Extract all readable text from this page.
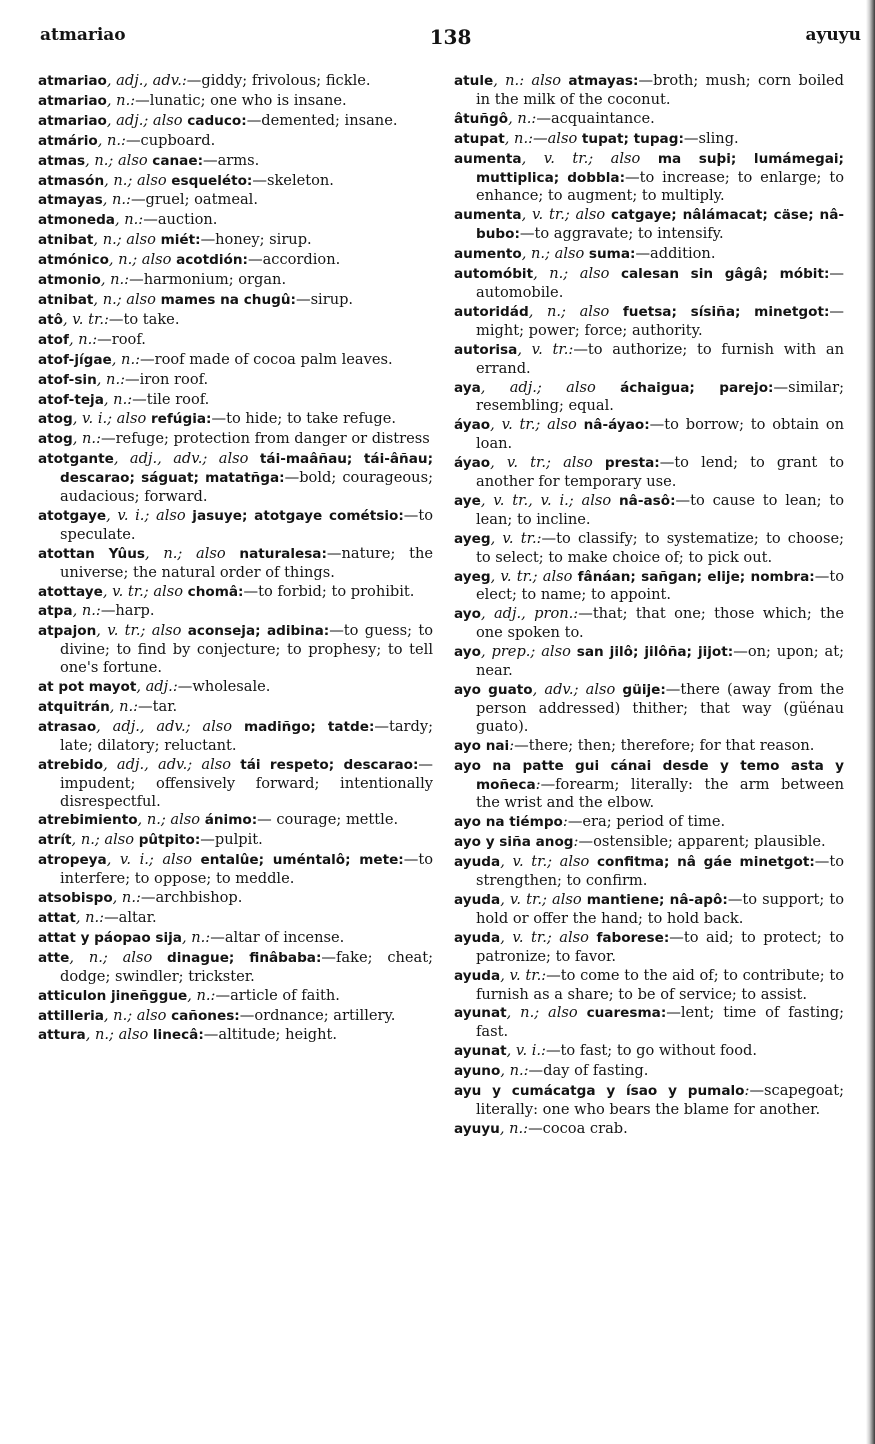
atmariao	138	ayuyu
atmariao, adj., adv.:—giddy; frivolous; fickle.
atmariao, n.:—lunatic; one who is insane.
atmariao, adj.; also caduco:—demented; insane.
atmário, n.:—cupboard.
atmas, n.; also canae:—arms.
atmasón, n.; also esqueléto:—skeleton.
atmayas, n.:—gruel; oatmeal.
atmoneda, n.:—auction.
atnibat, n.; also miét:—honey; sirup.
atmónico, n.; also acotdión:—accordion.
atmonio, n.:—harmonium; organ.
atnibat, n.; also mames na chugû:—sirup.
atô, v. tr.:—to take.
atof, n.:—roof.
atof-jígae, n.:—roof made of cocoa palm leaves.
atof-sin, n.:—iron roof.
atof-teja, n.:—tile roof.
atog, v. i.; also refúgia:—to hide; to take refuge.
atog, n.:—refuge; protection from danger or distress
atotgante, adj., adv.; also tái-maâñau; tái-âñau; descarao; ságuat; matatñga:—bold; courageous; audacious; forward.
atotgaye, v. i.; also jasuye; atotgaye cométsio:—to speculate.
atottan Yûus, n.; also naturalesa:—nature; the universe; the natural order of things.
atottaye, v. tr.; also chomâ:—to forbid; to prohibit.
atpa, n.:—harp.
atpajon, v. tr.; also aconseja; adibina:—to guess; to divine; to find by conjecture; to prophesy; to tell one's fortune.
at pot mayot, adj.:—wholesale.
atquitrán, n.:—tar.
atrasao, adj., adv.; also madiñgo; tatde:—tardy; late; dilatory; reluctant.
atrebido, adj., adv.; also tái respeto; descarao:—impudent; offensively forward; intentionally disrespectful.
atrebimiento, n.; also ánimo:— courage; mettle.
atrít, n.; also pûtpito:—pulpit.
atropeya, v. i.; also entalûe; uméntalô; mete:—to interfere; to oppose; to meddle.
atsobispo, n.:—archbishop.
attat, n.:—altar.
attat y páopao sija, n.:—altar of incense.
atte, n.; also dinague; finâbaba:—fake; cheat; dodge; swindler; trickster.
atticulon jineñggue, n.:—article of faith.
attilleria, n.; also cañones:—ordnance; artillery.
attura, n.; also linecâ:—altitude; height.
atule, n.: also atmayas:—broth; mush; corn boiled in the milk of the coconut.
âtuñgô, n.:—acquaintance.
atupat, n.:—also tupat; tupag:—sling.
aumenta, v. tr.; also ma suþi; lumámegai; muttiplica; dobbla:—to increase; to enlarge; to enhance; to augment; to multiply.
aumenta, v. tr.; also catgaye; nâlámacat; cäse; nâ-bubo:—to aggravate; to intensify.
aumento, n.; also suma:—addition.
automóbit, n.; also calesan sin gâgâ; móbit:—automobile.
autoridád, n.; also fuetsa; sísiña; minetgot:—might; power; force; authority.
autorisa, v. tr.:—to authorize; to furnish with an errand.
aya, adj.; also áchaigua; parejo:—similar; resembling; equal.
áyao, v. tr.; also nâ-áyao:—to borrow; to obtain on loan.
áyao, v. tr.; also presta:—to lend; to grant to another for temporary use.
aye, v. tr., v. i.; also nâ-asô:—to cause to lean; to lean; to incline.
ayeg, v. tr.:—to classify; to systematize; to choose; to select; to make choice of; to pick out.
ayeg, v. tr.; also fânáan; sañgan; elije; nombra:—to elect; to name; to appoint.
ayo, adj., pron.:—that; that one; those which; the one spoken to.
ayo, prep.; also san jilô; jilôña; jijot:—on; upon; at; near.
ayo guato, adv.; also güije:—there (away from the person addressed) thither; that way (güénau guato).
ayo nai:—there; then; therefore; for that reason.
ayo na patte gui cánai desde y temo asta y moñeca:—forearm; literally: the arm between the wrist and the elbow.
ayo na tiémpo:—era; period of time.
ayo y siña anog:—ostensible; apparent; plausible.
ayuda, v. tr.; also confitma; nâ gáe minetgot:—to strengthen; to confirm.
ayuda, v. tr.; also mantiene; nâ-apô:—to support; to hold or offer the hand; to hold back.
ayuda, v. tr.; also faborese:—to aid; to protect; to patronize; to favor.
ayuda, v. tr.:—to come to the aid of; to contribute; to furnish as a share; to be of service; to assist.
ayunat, n.; also cuaresma:—lent; time of fasting; fast.
ayunat, v. i.:—to fast; to go without food.
ayuno, n.:—day of fasting.
ayu y cumácatga y ísao y pumalo:—scapegoat; literally: one who bears the blame for another.
ayuyu, n.:—cocoa crab.
